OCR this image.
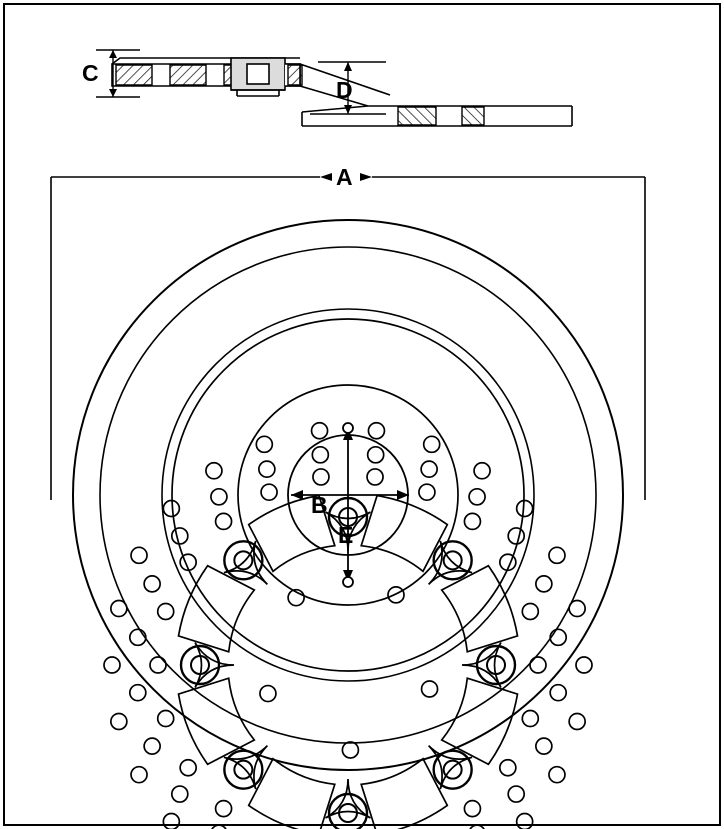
C
D
A
B
E
